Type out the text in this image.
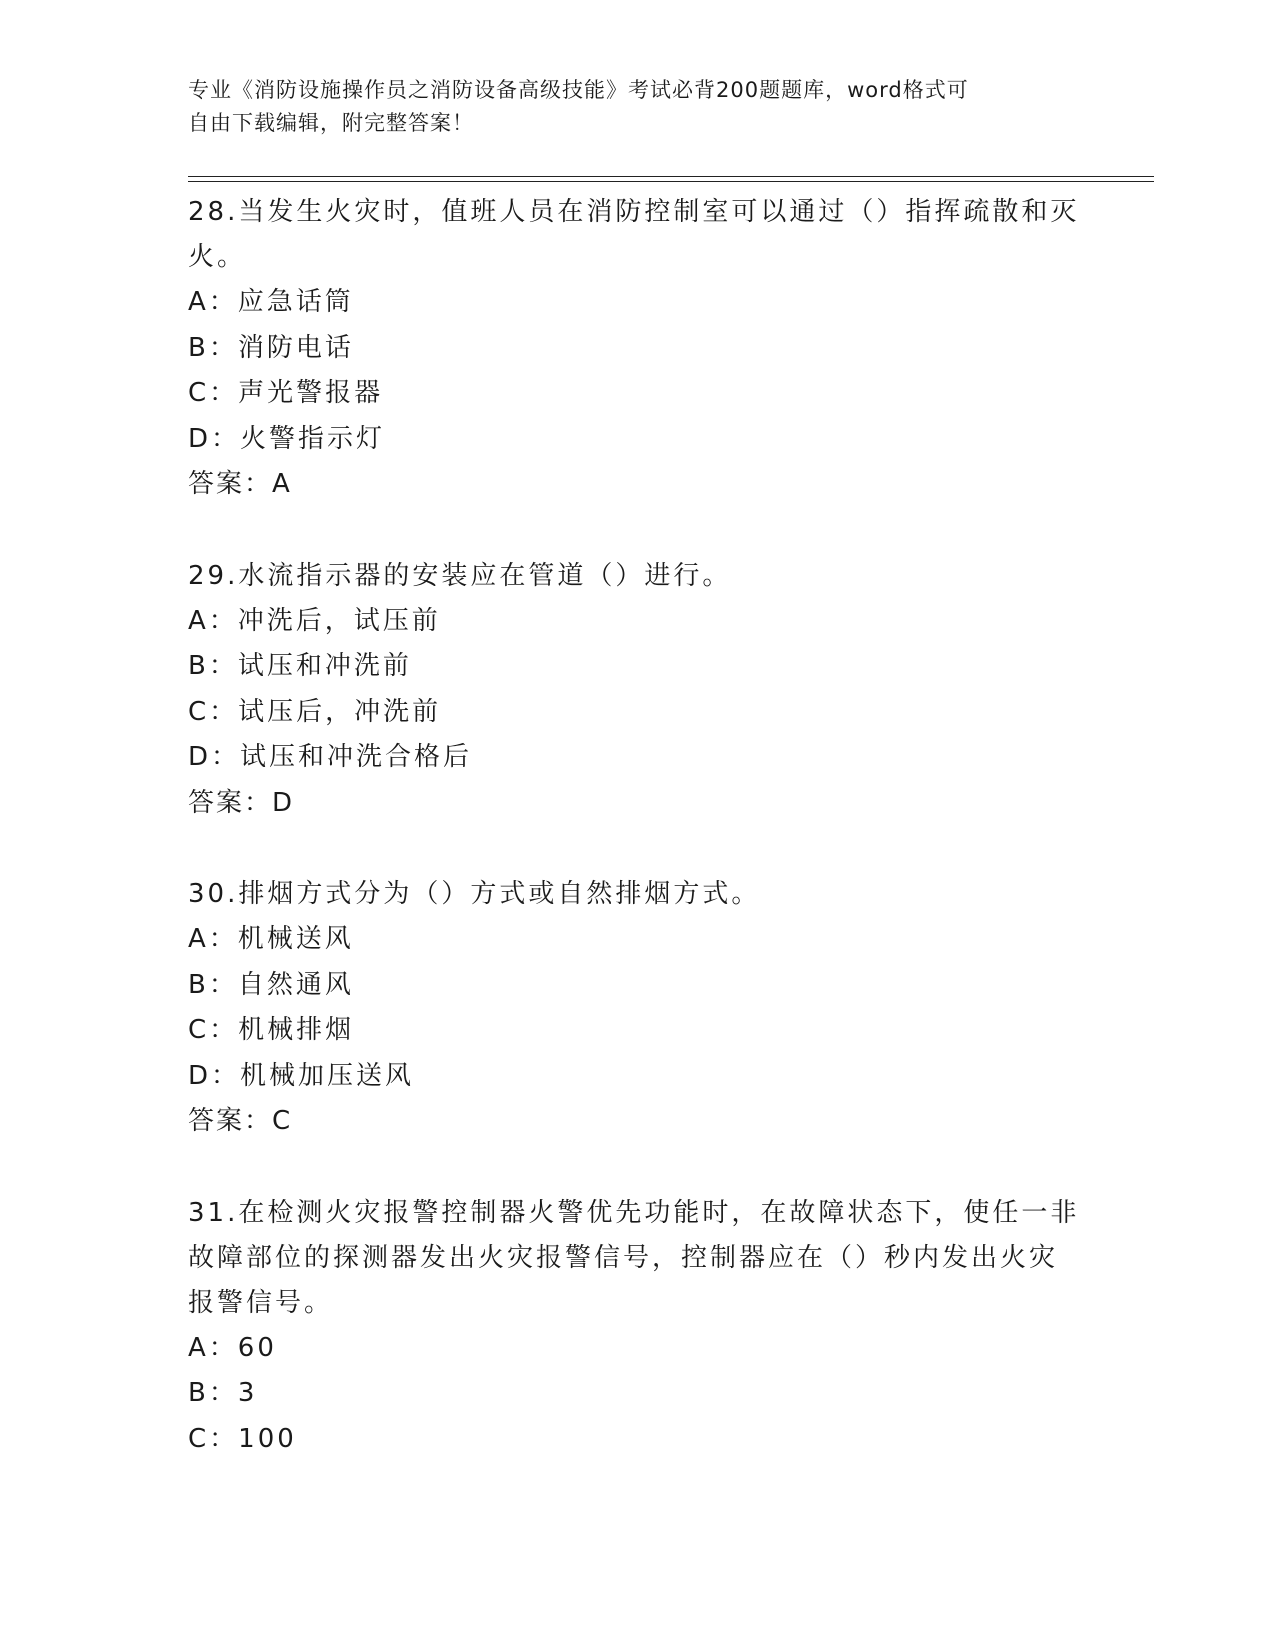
专业《消防设施操作员之消防设备高级技能》考试必背200题题库，word格式可
自由下载编辑，附完整答案！

28.当发生火灾时，值班人员在消防控制室可以通过（）指挥疏散和灭

火。

A：应急话筒

B：消防电话

C：声光警报器

D：火警指示灯

答案：A

29.水流指示器的安装应在管道（）进行。

A：冲洗后，试压前

B：试压和冲洗前

C：试压后，冲洗前

D：试压和冲洗合格后

答案：D

30.排烟方式分为（）方式或自然排烟方式。

A：机械送风

B：自然通风

C：机械排烟

D：机械加压送风

答案：C

31.在检测火灾报警控制器火警优先功能时，在故障状态下，使任一非

故障部位的探测器发出火灾报警信号，控制器应在（）秒内发出火灾

报警信号。

A：60

B：3

C：100
